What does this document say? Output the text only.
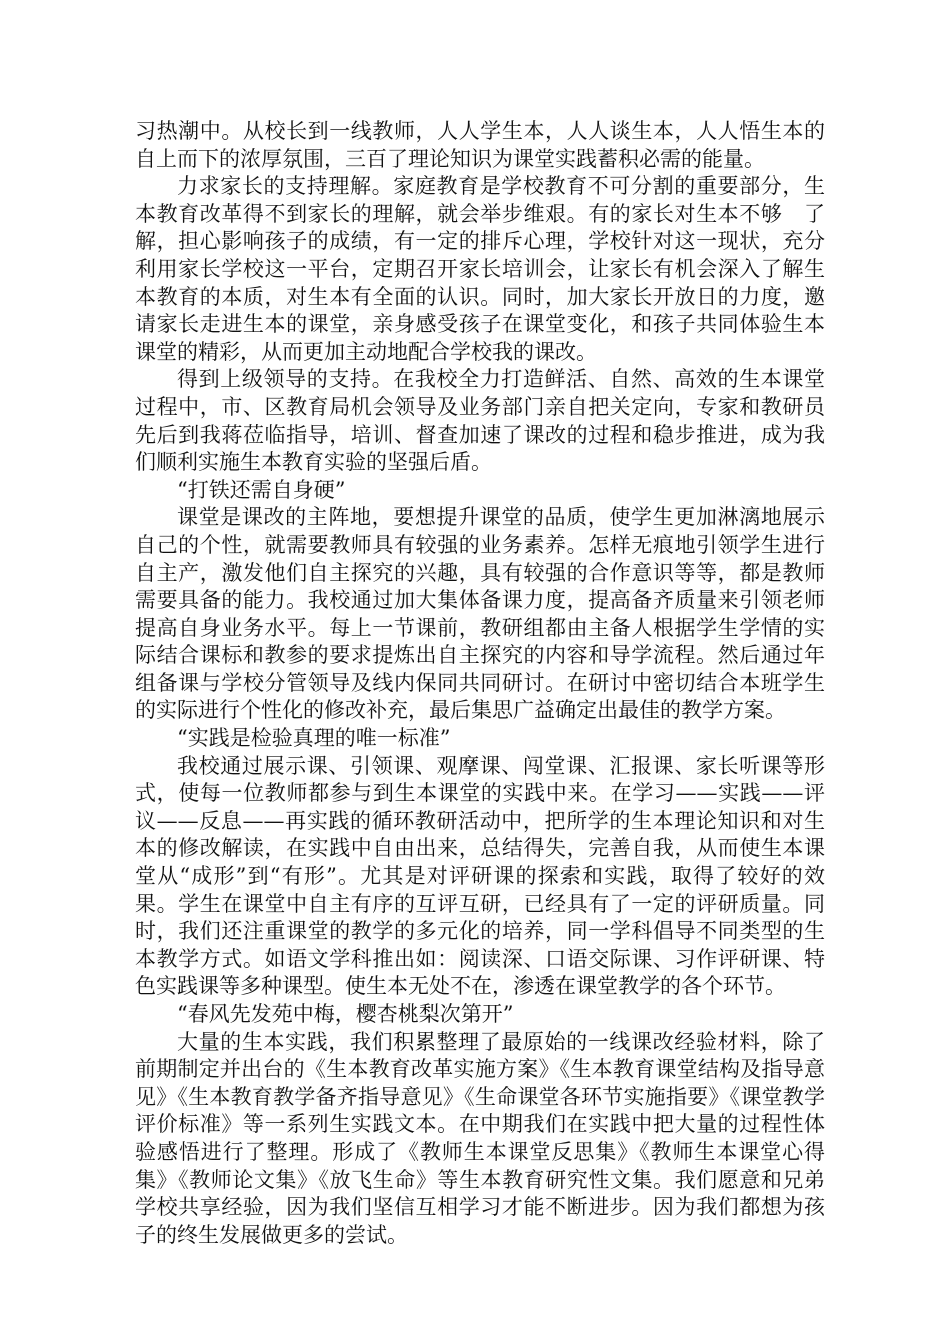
习热潮中。从校长到一线教师，人人学生本，人人谈生本，人人悟生本的自上而下的浓厚氛围，三百了理论知识为课堂实践蓄积必需的能量。

力求家长的支持理解。家庭教育是学校教育不可分割的重要部分，生本教育改革得不到家长的理解，就会举步维艰。有的家长对生本不够　了解，担心影响孩子的成绩，有一定的排斥心理，学校针对这一现状，充分利用家长学校这一平台，定期召开家长培训会，让家长有机会深入了解生本教育的本质，对生本有全面的认识。同时，加大家长开放日的力度，邀请家长走进生本的课堂，亲身感受孩子在课堂变化，和孩子共同体验生本课堂的精彩，从而更加主动地配合学校我的课改。

得到上级领导的支持。在我校全力打造鲜活、自然、高效的生本课堂过程中，市、区教育局机会领导及业务部门亲自把关定向，专家和教研员先后到我蒋莅临指导，培训、督查加速了课改的过程和稳步推进，成为我们顺利实施生本教育实验的坚强后盾。

“打铁还需自身硬”

课堂是课改的主阵地，要想提升课堂的品质，使学生更加淋漓地展示自己的个性，就需要教师具有较强的业务素养。怎样无痕地引领学生进行自主产，激发他们自主探究的兴趣，具有较强的合作意识等等，都是教师需要具备的能力。我校通过加大集体备课力度，提高备齐质量来引领老师提高自身业务水平。每上一节课前，教研组都由主备人根据学生学情的实际结合课标和教参的要求提炼出自主探究的内容和导学流程。然后通过年组备课与学校分管领导及线内保同共同研讨。在研讨中密切结合本班学生的实际进行个性化的修改补充，最后集思广益确定出最佳的教学方案。

“实践是检验真理的唯一标准”

我校通过展示课、引领课、观摩课、闯堂课、汇报课、家长听课等形式，使每一位教师都参与到生本课堂的实践中来。在学习——实践——评议——反息——再实践的循环教研活动中，把所学的生本理论知识和对生本的修改解读，在实践中自由出来，总结得失，完善自我，从而使生本课堂从“成形”到“有形”。尤其是对评研课的探索和实践，取得了较好的效果。学生在课堂中自主有序的互评互研，已经具有了一定的评研质量。同时，我们还注重课堂的教学的多元化的培养，同一学科倡导不同类型的生本教学方式。如语文学科推出如：阅读深、口语交际课、习作评研课、特色实践课等多种课型。使生本无处不在，渗透在课堂教学的各个环节。

“春风先发苑中梅，樱杏桃梨次第开”

大量的生本实践，我们积累整理了最原始的一线课改经验材料，除了前期制定并出台的《生本教育改革实施方案》《生本教育课堂结构及指导意见》《生本教育教学备齐指导意见》《生命课堂各环节实施指要》《课堂教学评价标准》等一系列生实践文本。在中期我们在实践中把大量的过程性体验感悟进行了整理。形成了《教师生本课堂反思集》《教师生本课堂心得集》《教师论文集》《放飞生命》等生本教育研究性文集。我们愿意和兄弟学校共享经验，因为我们坚信互相学习才能不断进步。因为我们都想为孩子的终生发展做更多的尝试。
